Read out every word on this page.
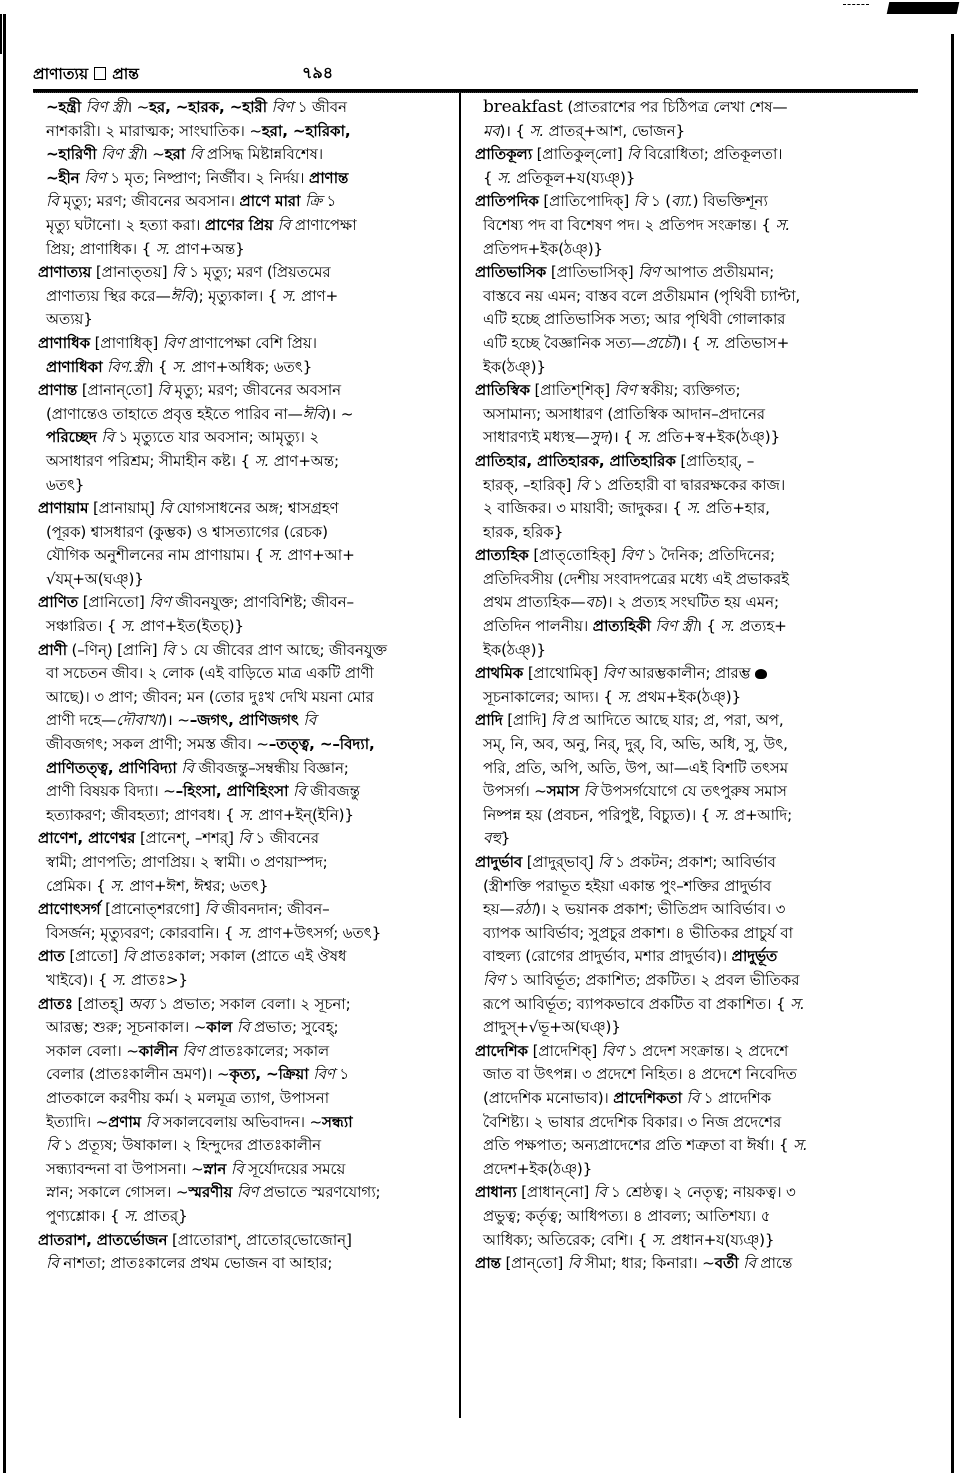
প্রাণাত্যয় প্রান্ত	৭৯৪
~হন্ত্রী বিণ স্ত্রী। ~হর, ~হারক, ~হারী বিণ ১ জীবন
নাশকারী। ২ মারাত্মক; সাংঘাতিক। ~হরা, ~হারিকা,
~হারিণী বিণ স্ত্রী। ~হরা বি প্রসিদ্ধ মিষ্টান্নবিশেষ।
~হীন বিণ ১ মৃত; নিষ্প্রাণ; নির্জীব। ২ নির্দয়। প্রাণান্ত
বি মৃত্যু; মরণ; জীবনের অবসান। প্রাণে মারা ক্রি ১
মৃত্যু ঘটানো। ২ হত্যা করা। প্রাণের প্রিয় বি প্রাণাপেক্ষা
প্রিয়; প্রাণাধিক। { স. প্রাণ+অন্ত}
প্রাণাত্যয় [প্রানাত্‌তয়] বি ১ মৃত্যু; মরণ (প্রিয়তমের
প্রাণাত্যয় স্থির করে—ঈবি); মৃত্যুকাল। { স. প্রাণ+
অত্যয়}
প্রাণাধিক [প্রাণাধিক্‌] বিণ প্রাণাপেক্ষা বেশি প্রিয়।
প্রাণাধিকা বিণ.স্ত্রী। { স. প্রাণ+অধিক; ৬তৎ}
প্রাণান্ত [প্রানান্‌তো] বি মৃত্যু; মরণ; জীবনের অবসান
(প্রাণান্তেও তাহাতে প্রবৃত্ত হইতে পারিব না—ঈবি)। ~
পরিচ্ছেদ বি ১ মৃত্যুতে যার অবসান; আমৃত্যু। ২
অসাধারণ পরিশ্রম; সীমাহীন কষ্ট। { স. প্রাণ+অন্ত;
৬তৎ}
প্রাণায়াম [প্রানায়াম্‌] বি যোগসাধনের অঙ্গ; শ্বাসগ্রহণ
(পূরক) শ্বাসধারণ (কুম্ভক) ও শ্বাসত্যাগের (রেচক)
যৌগিক অনুশীলনের নাম প্রাণায়াম। { স. প্রাণ+আ+
√যম্‌+অ(ঘঞ্‌)}
প্রাণিত [প্রানিতো] বিণ জীবনযুক্ত; প্রাণবিশিষ্ট; জীবন–
সঞ্চারিত। { স. প্রাণ+ইত(ইতচ্‌)}
প্রাণী (–ণিন্‌) [প্রানি] বি ১ যে জীবের প্রাণ আছে; জীবনযুক্ত
বা সচেতন জীব। ২ লোক (এই বাড়িতে মাত্র একটি প্রাণী
আছে)। ৩ প্রাণ; জীবন; মন (তোর দুঃখ দেখি ময়না মোর
প্রাণী দহে—দৌবাখা)। ~–জগৎ, প্রাণিজগৎ বি
জীবজগৎ; সকল প্রাণী; সমস্ত জীব। ~–তত্ত্ব, ~–বিদ্যা,
প্রাণিতত্ত্ব, প্রাণিবিদ্যা বি জীবজন্তু–সম্বন্ধীয় বিজ্ঞান;
প্রাণী বিষয়ক বিদ্যা। ~–হিংসা, প্রাণিহিংসা বি জীবজন্তু
হত্যাকরণ; জীবহত্যা; প্রাণবধ। { স. প্রাণ+ইন্‌(ইনি)}
প্রাণেশ, প্রাণেশ্বর [প্রানেশ্‌, –শশর্‌] বি ১ জীবনের
স্বামী; প্রাণপতি; প্রাণপ্রিয়। ২ স্বামী। ৩ প্রণয়াস্পদ;
প্রেমিক। { স. প্রাণ+ঈশ, ঈশ্বর; ৬তৎ}
প্রাণোৎসর্গ [প্রানোত্‌শরগো] বি জীবনদান; জীবন–
বিসর্জন; মৃত্যুবরণ; কোরবানি। { স. প্রাণ+উৎসর্গ; ৬তৎ}
প্রাত [প্রাতো] বি প্রাতঃকাল; সকাল (প্রাতে এই ঔষধ
খাইবে)। { স. প্রাতঃ>}
প্রাতঃ [প্রাতহ্‌] অব্য ১ প্রভাত; সকাল বেলা। ২ সূচনা;
আরম্ভ; শুরু; সূচনাকাল। ~কাল বি প্রভাত; সুবেহ্‌;
সকাল বেলা। ~কালীন বিণ প্রাতঃকালের; সকাল
বেলার (প্রাতঃকালীন ভ্রমণ)। ~কৃত্য, ~ক্রিয়া বিণ ১
প্রাতকালে করণীয় কর্ম। ২ মলমূত্র ত্যাগ, উপাসনা
ইত্যাদি। ~প্রণাম বি সকালবেলায় অভিবাদন। ~সন্ধ্যা
বি ১ প্রত্যূষ; উষাকাল। ২ হিন্দুদের প্রাতঃকালীন
সন্ধ্যাবন্দনা বা উপাসনা। ~স্নান বি সূর্যোদয়ের সময়ে
স্নান; সকালে গোসল। ~স্মরণীয় বিণ প্রভাতে স্মরণযোগ্য;
পুণ্যশ্লোক। { স. প্রাতর্‌}
প্রাতরাশ, প্রাতর্ভোজন [প্রাতোরাশ্‌, প্রাতোর্‌ভোজোন্‌]
বি নাশতা; প্রাতঃকালের প্রথম ভোজন বা আহার;
breakfast (প্রাতরাশের পর চিঠিপত্র লেখা শেষ—
মব)। { স. প্রাতর্‌+আশ, ভোজন}
প্রাতিকূল্য [প্রাতিকুল্‌লো] বি বিরোধিতা; প্রতিকূলতা।
{ স. প্রতিকূল+য(য্যঞ্‌)}
প্রাতিপদিক [প্রাতিপোদিক্‌] বি ১ (ব্যা.) বিভক্তিশূন্য
বিশেষ্য পদ বা বিশেষণ পদ। ২ প্রতিপদ সংক্রান্ত। { স.
প্রতিপদ+ইক(ঠঞ্‌)}
প্রাতিভাসিক [প্রাতিভাসিক্‌] বিণ আপাত প্রতীয়মান;
বাস্তবে নয় এমন; বাস্তব বলে প্রতীয়মান (পৃথিবী চ্যাপ্টা,
এটি হচ্ছে প্রাতিভাসিক সত্য; আর পৃথিবী গোলাকার
এটি হচ্ছে বৈজ্ঞানিক সত্য—প্রচৌ)। { স. প্রতিভাস+
ইক(ঠঞ্‌)}
প্রাতিস্বিক [প্রাতিশ্‌শিক্‌] বিণ স্বকীয়; ব্যক্তিগত;
অসামান্য; অসাধারণ (প্রাতিস্বিক আদান–প্রদানের
সাধারণ্যই মধ্যস্থ—সুদ)। { স. প্রতি+স্ব+ইক(ঠঞ্‌)}
প্রাতিহার, প্রাতিহারক, প্রাতিহারিক [প্রাতিহার্‌, –
হারক্‌, –হারিক্‌] বি ১ প্রতিহারী বা দ্বাররক্ষকের কাজ।
২ বাজিকর। ৩ মায়াবী; জাদুকর। { স. প্রতি+হার,
হারক, হরিক}
প্রাত্যহিক [প্রাত্‌তোহিক্‌] বিণ ১ দৈনিক; প্রতিদিনের;
প্রতিদিবসীয় (দেশীয় সংবাদপত্রের মধ্যে এই প্রভাকরই
প্রথম প্রাত্যহিক—বচ)। ২ প্রত্যহ সংঘটিত হয় এমন;
প্রতিদিন পালনীয়। প্রাত্যহিকী বিণ স্ত্রী। { স. প্রত্যহ+
ইক(ঠঞ্‌)}
প্রাথমিক [প্রাথোমিক্‌] বিণ আরম্ভকালীন; প্রারম্ভ
সূচনাকালের; আদ্য। { স. প্রথম+ইক(ঠঞ্‌)}
প্রাদি [প্রাদি] বি প্র আদিতে আছে যার; প্র, পরা, অপ,
সম্‌, নি, অব, অনু, নির্‌, দুর্‌, বি, অভি, অধি, সু, উৎ,
পরি, প্রতি, অপি, অতি, উপ, আ—এই বিশটি তৎসম
উপসর্গ। ~সমাস বি উপসর্গযোগে যে তৎপুরুষ সমাস
নিষ্পন্ন হয় (প্রবচন, পরিপুষ্ট, বিচ্যুত)। { স. প্র+আদি;
বহু}
প্রাদুর্ভাব [প্রাদুর্‌ভাব্‌] বি ১ প্রকটন; প্রকাশ; আবির্ভাব
(স্ত্রীশক্তি পরাভূত হইয়া একান্ত পুং–শক্তির প্রাদুর্ভাব
হয়—রঠা)। ২ ভয়ানক প্রকাশ; ভীতিপ্রদ আবির্ভাব। ৩
ব্যাপক আবির্ভাব; সুপ্রচুর প্রকাশ। ৪ ভীতিকর প্রাচুর্য বা
বাহুল্য (রোগের প্রাদুর্ভাব, মশার প্রাদুর্ভাব)। প্রাদুর্ভূত
বিণ ১ আবির্ভূত; প্রকাশিত; প্রকটিত। ২ প্রবল ভীতিকর
রূপে আবির্ভূত; ব্যাপকভাবে প্রকটিত বা প্রকাশিত। { স.
প্রাদুস্‌+√ভূ+অ(ঘঞ্‌)}
প্রাদেশিক [প্রাদেশিক্‌] বিণ ১ প্রদেশ সংক্রান্ত। ২ প্রদেশে
জাত বা উৎপন্ন। ৩ প্রদেশে নিহিত। ৪ প্রদেশে নিবেদিত
(প্রাদেশিক মনোভাব)। প্রাদেশিকতা বি ১ প্রাদেশিক
বৈশিষ্ট্য। ২ ভাষার প্রদেশিক বিকার। ৩ নিজ প্রদেশের
প্রতি পক্ষপাত; অন্যপ্রাদেশের প্রতি শত্রুতা বা ঈর্ষা। { স.
প্রদেশ+ইক(ঠঞ্‌)}
প্রাধান্য [প্রাধান্‌নো] বি ১ শ্রেষ্ঠত্ব। ২ নেতৃত্ব; নায়কত্ব। ৩
প্রভুত্ব; কর্তৃত্ব; আধিপত্য। ৪ প্রাবল্য; আতিশয্য। ৫
আধিক্য; অতিরেক; বেশি। { স. প্রধান+য(য্যঞ্‌)}
প্রান্ত [প্রান্‌তো] বি সীমা; ধার; কিনারা। ~বর্তী বি প্রান্তে
